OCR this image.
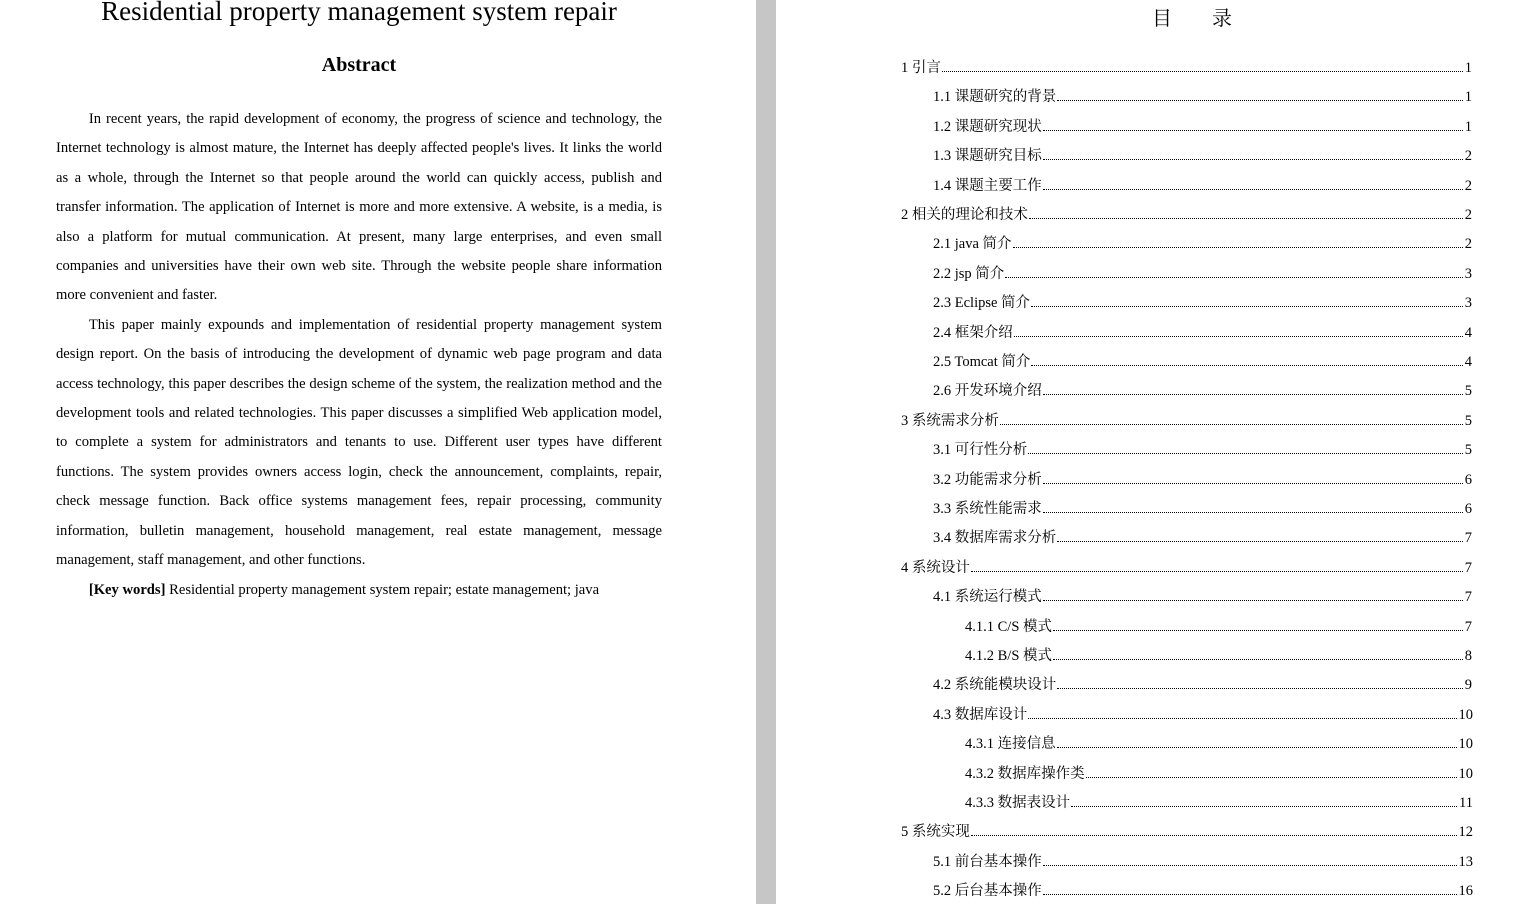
Residential property management system repair
Abstract

In recent years, the rapid development of economy, the progress of science and technology, the Internet technology is almost mature, the Internet has deeply affected people's lives. It links the world as a whole, through the Internet so that people around the world can quickly access, publish and transfer information. The application of Internet is more and more extensive. A website, is a media, is also a platform for mutual communication. At present, many large enterprises, and even small companies and universities have their own web site. Through the website people share information more convenient and faster.

This paper mainly expounds and implementation of residential property management system design report. On the basis of introducing the development of dynamic web page program and data access technology, this paper describes the design scheme of the system, the realization method and the development tools and related technologies. This paper discusses a simplified Web application model, to complete a system for administrators and tenants to use. Different user types have different functions. The system provides owners access login, check the announcement, complaints, repair, check message function. Back office systems management fees, repair processing, community information, bulletin management, household management, real estate management, message management, staff management, and other functions.

[Key words] Residential property management system repair; estate management; java

目 录
1 引言	1
1.1 课题研究的背景	1
1.2 课题研究现状	1
1.3 课题研究目标	2
1.4 课题主要工作	2
2 相关的理论和技术	2
2.1 java 简介	2
2.2 jsp 简介	3
2.3 Eclipse 简介	3
2.4 框架介绍	4
2.5 Tomcat 简介	4
2.6 开发环境介绍	5
3 系统需求分析	5
3.1 可行性分析	5
3.2 功能需求分析	6
3.3 系统性能需求	6
3.4 数据库需求分析	7
4 系统设计	7
4.1 系统运行模式	7
4.1.1 C/S 模式	7
4.1.2 B/S 模式	8
4.2 系统能模块设计	9
4.3 数据库设计	10
4.3.1 连接信息	10
4.3.2 数据库操作类	10
4.3.3 数据表设计	11
5 系统实现	12
5.1 前台基本操作	13
5.2 后台基本操作	16
